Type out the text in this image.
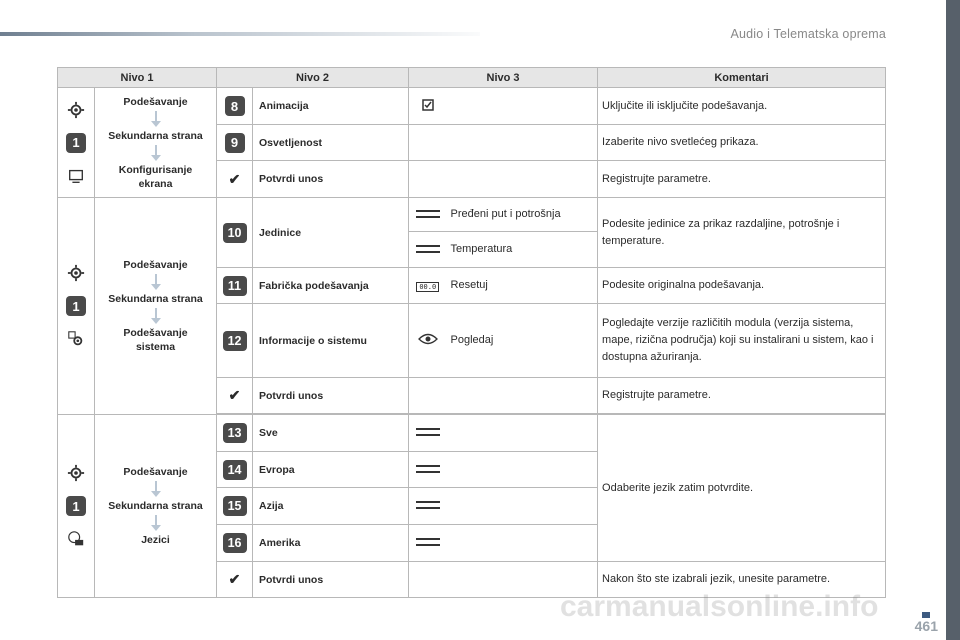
Audio i Telematska oprema
461
Nivo 1		Nivo 2		Nivo 3		Komentari

1	Podešavanje
Sekundarna strana
Konfigurisanje ekrana	8	Animacija			Uključite ili isključite podešavanja.
		9	Osvetljenost			Izaberite nivo svetlećeg prikaza.
		✔	Potvrdi unos			Registrujte parametre.

1	Podešavanje
Sekundarna strana
Podešavanje sistema	10	Jedinice		Pređeni put i potrošnja	Podesite jedinice za prikaz razdaljine, potrošnje i temperature.
					Temperatura	
		11	Fabrička podešavanja	00.0	Resetuj	Podesite originalna podešavanja.
		12	Informacije o sistemu		Pogledaj	Pogledajte verzije različitih modula (verzija sistema, mape, rizična područja) koji su instalirani u sistem, kao i dostupna ažuriranja.
		✔	Potvrdi unos			Registrujte parametre.

1	Podešavanje
Sekundarna strana
Jezici	13	Sve			Odaberite jezik zatim potvrdite.
		14	Evropa			
		15	Azija			
		16	Amerika			
		✔	Potvrdi unos			Nakon što ste izabrali jezik, unesite parametre.
carmanualsonline.info
